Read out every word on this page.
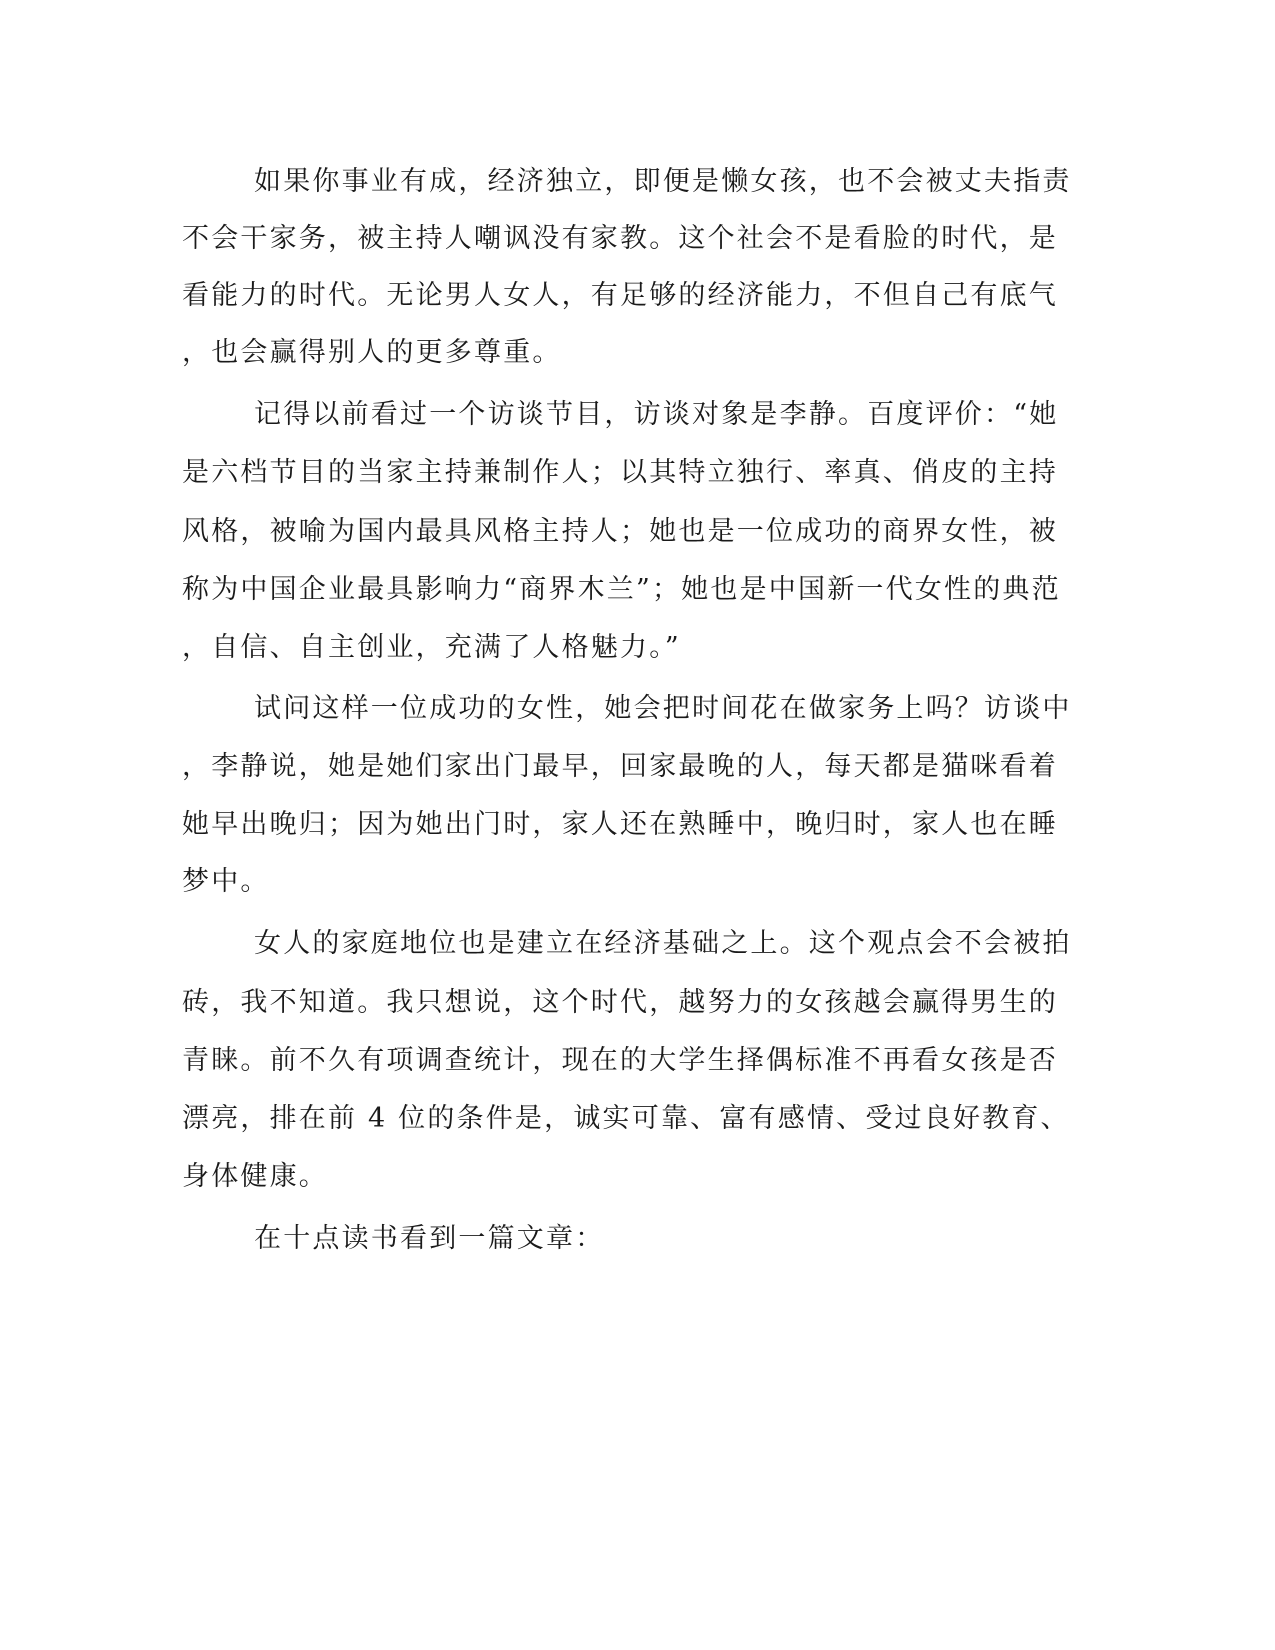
如果你事业有成，经济独立，即便是懒女孩，也不会被丈夫指责
不会干家务，被主持人嘲讽没有家教。这个社会不是看脸的时代，是
看能力的时代。无论男人女人，有足够的经济能力，不但自己有底气
，也会赢得别人的更多尊重。
记得以前看过一个访谈节目，访谈对象是李静。百度评价：“她
是六档节目的当家主持兼制作人；以其特立独行、率真、俏皮的主持
风格，被喻为国内最具风格主持人；她也是一位成功的商界女性，被
称为中国企业最具影响力“商界木兰”；她也是中国新一代女性的典范
，自信、自主创业，充满了人格魅力。”
试问这样一位成功的女性，她会把时间花在做家务上吗？访谈中
，李静说，她是她们家出门最早，回家最晚的人，每天都是猫咪看着
她早出晚归；因为她出门时，家人还在熟睡中，晚归时，家人也在睡
梦中。
女人的家庭地位也是建立在经济基础之上。这个观点会不会被拍
砖，我不知道。我只想说，这个时代，越努力的女孩越会赢得男生的
青睐。前不久有项调查统计，现在的大学生择偶标准不再看女孩是否
漂亮，排在前 4 位的条件是，诚实可靠、富有感情、受过良好教育、
身体健康。
在十点读书看到一篇文章：
